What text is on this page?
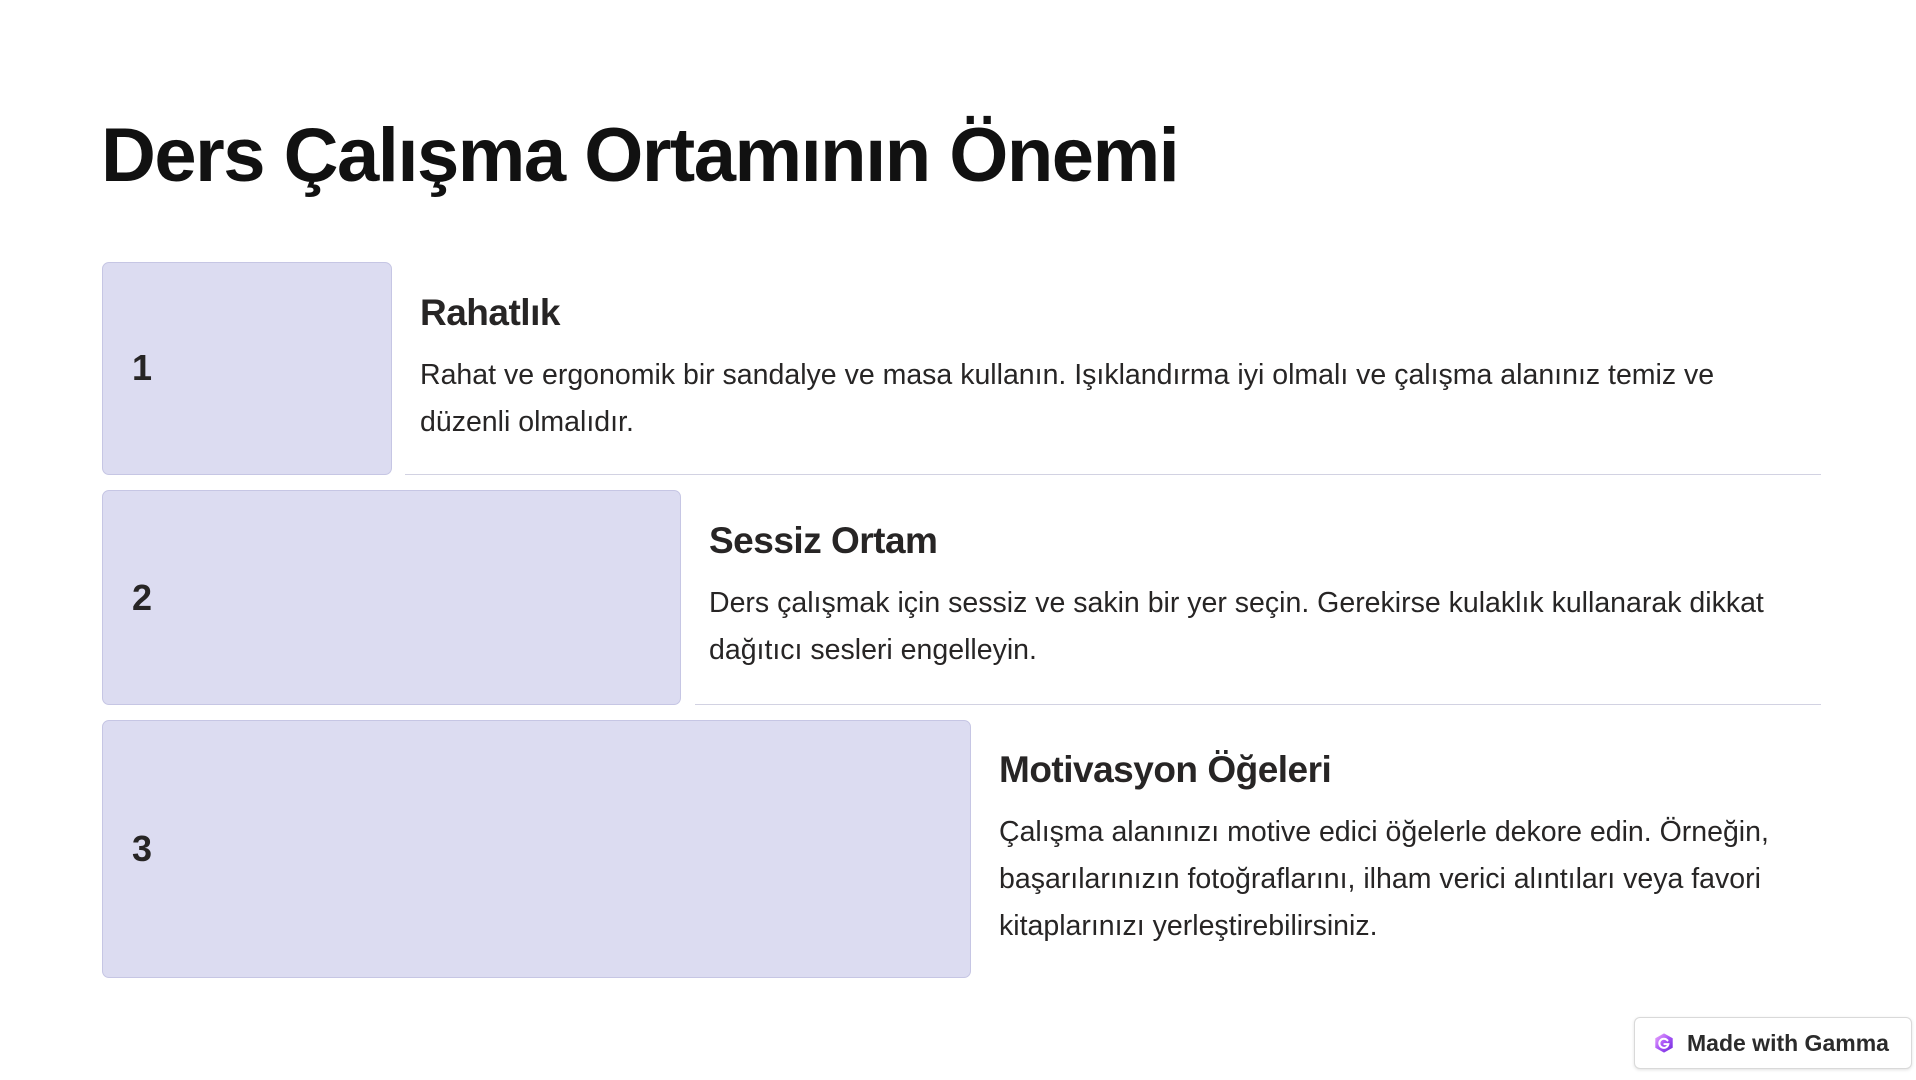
Ders Çalışma Ortamının Önemi
1
Rahatlık

Rahat ve ergonomik bir sandalye ve masa kullanın. Işıklandırma iyi olmalı ve çalışma alanınız temiz ve düzenli olmalıdır.

2
Sessiz Ortam

Ders çalışmak için sessiz ve sakin bir yer seçin. Gerekirse kulaklık kullanarak dikkat dağıtıcı sesleri engelleyin.

3
Motivasyon Öğeleri

Çalışma alanınızı motive edici öğelerle dekore edin. Örneğin, başarılarınızın fotoğraflarını, ilham verici alıntıları veya favori kitaplarınızı yerleştirebilirsiniz.

Made with Gamma
